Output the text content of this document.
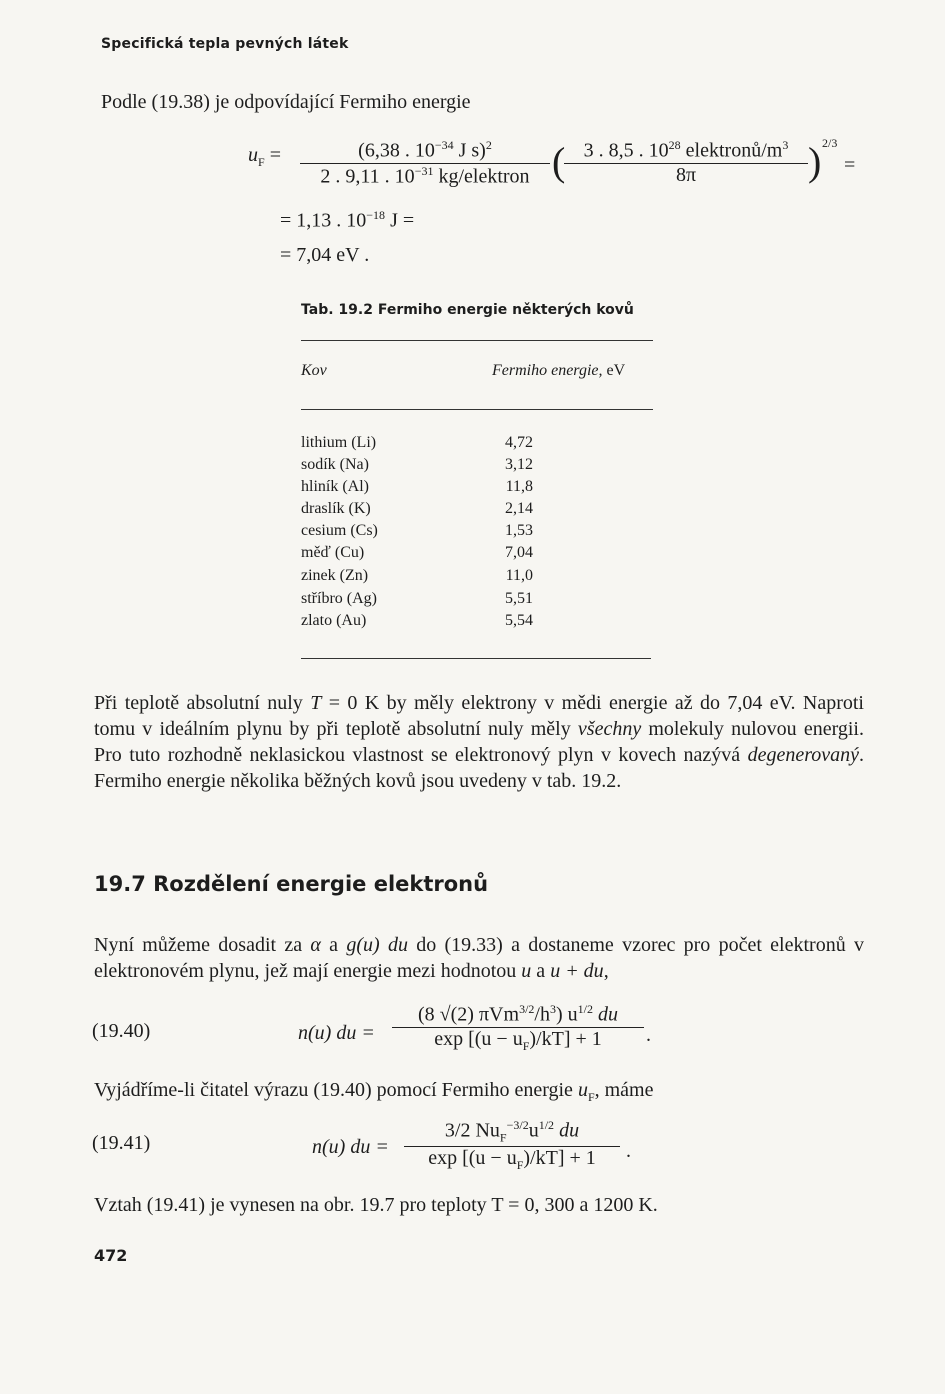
Specifická tepla pevných látek
Podle (19.38) je odpovídající Fermiho energie
$u_F$ =	(6,38 . $10^{-34}$ J s)$^2$
2 . 9,11 . $10^{-31}$ kg/elektron ( 3 . 8,5 . $10^{28}$ elektronů/$m^3$
8π	) 2/3
=
= 1,13 . $10^{-18}$ J =
= 7,04 eV .
Tab. 19.2 Fermiho energie některých kovů
Kov	Fermiho energie, eV
lithium (Li)	4,72
sodík (Na)	3,12
hliník (Al)	11,8
draslík (K)	2,14
cesium (Cs)	1,53
měď (Cu)	7,04
zinek (Zn)	11,0
stříbro (Ag)	5,51
zlato (Au)	5,54
Při teplotě absolutní nuly T = 0 K by měly elektrony v mědi energie až do 7,04 eV. Naproti tomu v ideálním plynu by při teplotě absolutní nuly měly všechny molekuly nulovou energii. Pro tuto rozhodně neklasickou vlastnost se elektronový plyn v kovech nazývá degenerovaný. Fermiho energie několika běžných kovů jsou uvedeny v tab. 19.2.
19.7 Rozdělení energie elektronů
Nyní můžeme dosadit za α a g(u) du do (19.33) a dostaneme vzorec pro počet elektronů v elektronovém plynu, jež mají energie mezi hodnotou u a u + du,
(19.40)	n(u) du =
(8 √(2) $\pi Vm^{3/2}/h^3$) $u^{1/2}$ du
$\exp [(u - u_F)/kT] + 1$	.
Vyjádříme-li čitatel výrazu (19.40) pomocí Fermiho energie $u_F$, máme
(19.41)	n(u) du =
3/2 $Nu_F^{-3/2}u^{1/2}$ du
$\exp [(u - u_F)/kT] + 1$	.
Vztah (19.41) je vynesen na obr. 19.7 pro teploty T = 0, 300 a 1200 K.
472
